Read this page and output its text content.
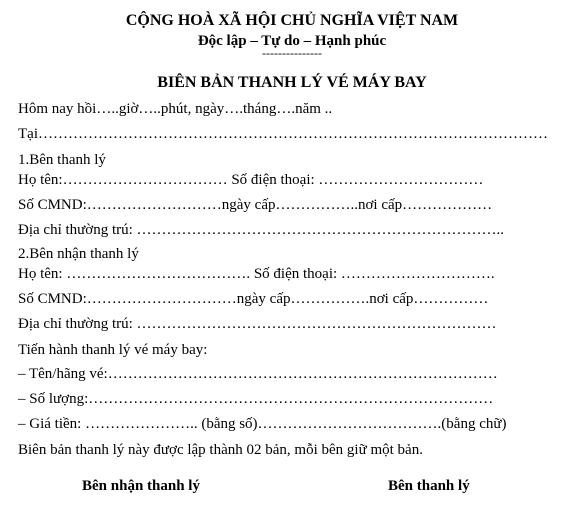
CỘNG HOÀ XÃ HỘI CHỦ NGHĨA VIỆT NAM
Độc lập – Tự do – Hạnh phúc
---------------
BIÊN BẢN THANH LÝ VÉ MÁY BAY
Hôm nay hồi…..giờ…..phút, ngày….tháng….năm ..
Tại…………………………………………………………………………………………
1.Bên thanh lý
Họ tên:…………………………… Số điện thoại: ……………………………
Số CMND:………………………ngày cấp……………..nơi cấp………………
Địa chỉ thường trú: ………………………………………………………………..
2.Bên nhận thanh lý
Họ tên: ………………………………. Số điện thoại: ………………………….
Số CMND:…………………………ngày cấp…………….nơi cấp……………
Địa chỉ thường trú: ………………………………………………………………
Tiến hành thanh lý vé máy bay:
– Tên/hãng vé:……………………………………………………………………
– Số lượng:………………………………………………………………………
– Giá tiền: ………………….. (bằng số)……………………………….(bằng chữ)
Biên bản thanh lý này được lập thành 02 bản, mỗi bên giữ một bản.
Bên nhận thanh lý	Bên thanh lý
